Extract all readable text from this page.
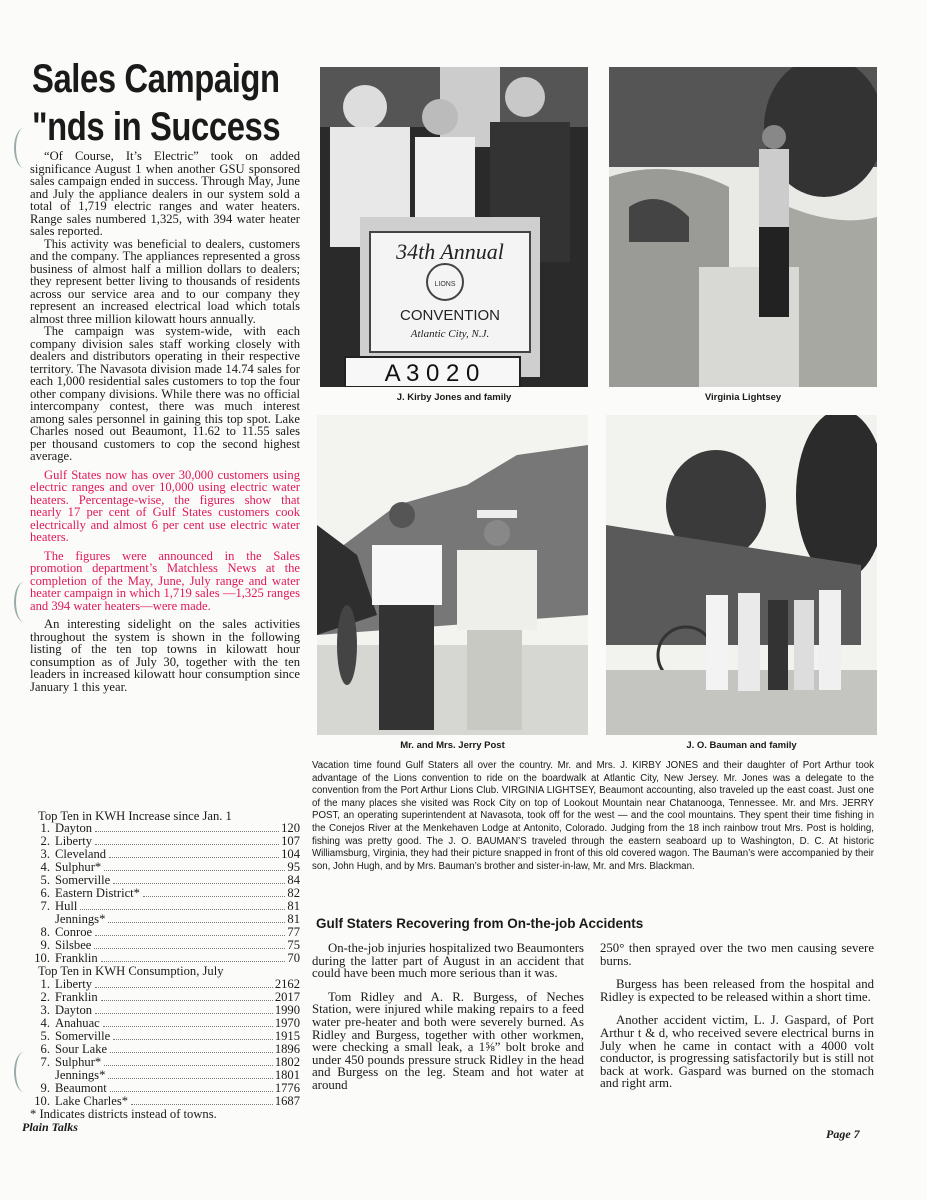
Sales Campaign
"nds in Success

“Of Course, It’s Electric” took on added significance August 1 when another GSU sponsored sales campaign ended in success. Through May, June and July the appliance dealers in our system sold a total of 1,719 electric ranges and water heaters. Range sales numbered 1,325, with 394 water heater sales reported.

This activity was beneficial to dealers, customers and the company. The appliances represented a gross business of almost half a million dollars to dealers; they represent better living to thousands of residents across our service area and to our company they represent an increased electrical load which totals almost three million kilowatt hours annually.

The campaign was system-wide, with each company division sales staff working closely with dealers and distributors operating in their respective territory. The Navasota division made 14.74 sales for each 1,000 residential sales customers to top the four other company divisions. While there was no official intercompany contest, there was much interest among sales personnel in gaining this top spot. Lake Charles nosed out Beaumont, 11.62 to 11.55 sales per thousand customers to cop the second highest average.

Gulf States now has over 30,000 customers using electric ranges and over 10,000 using electric water heaters. Percentage-wise, the figures show that nearly 17 per cent of Gulf States customers cook electrically and almost 6 per cent use electric water heaters.

The figures were announced in the Sales promotion department’s Matchless News at the completion of the May, June, July range and water heater campaign in which 1,719 sales —1,325 ranges and 394 water heaters—were made.

An interesting sidelight on the sales activities throughout the system is shown in the following listing of the ten top towns in kilowatt hour consumption as of July 30, together with the ten leaders in increased kilowatt hour consumption since January 1 this year.

Top Ten in KWH Increase since Jan. 1
1. Dayton	120
2. Liberty	107
3. Cleveland	104
4. Sulphur*	95
5. Somerville	84
6. Eastern District*	82
7. Hull	81
Jennings*	81
8. Conroe	77
9. Silsbee	75
10. Franklin	70
Top Ten in KWH Consumption, July
1. Liberty	2162
2. Franklin	2017
3. Dayton	1990
4. Anahuac	1970
5. Somerville	1915
6. Sour Lake	1896
7. Sulphur*	1802
Jennings*	1801
9. Beaumont	1776
10. Lake Charles*	1687
* Indicates districts instead of towns.
LIONS
34th Annual
CONVENTION
Atlantic City, N.J.
A 3 0 2 0
J. Kirby Jones and family	Virginia Lightsey
Mr. and Mrs. Jerry Post	J. O. Bauman and family
Vacation time found Gulf Staters all over the country. Mr. and Mrs. J. KIRBY JONES and their daughter of Port Arthur took advantage of the Lions convention to ride on the boardwalk at Atlantic City, New Jersey. Mr. Jones was a delegate to the convention from the Port Arthur Lions Club. VIRGINIA LIGHTSEY, Beaumont accounting, also traveled up the east coast. Just one of the many places she visited was Rock City on top of Lookout Mountain near Chatanooga, Tennessee. Mr. and Mrs. JERRY POST, an operating superintendent at Navasota, took off for the west — and the cool mountains. They spent their time fishing in the Conejos River at the Menkehaven Lodge at Antonito, Colorado. Judging from the 18 inch rainbow trout Mrs. Post is holding, fishing was pretty good. The J. O. BAUMAN’S traveled through the eastern seaboard up to Washington, D. C. At historic Williamsburg, Virginia, they had their picture snapped in front of this old covered wagon. The Bauman’s were accompanied by their son, John Hugh, and by Mrs. Bauman’s brother and sister-in-law, Mr. and Mrs. Blackman.
Gulf Staters Recovering from On-the-job Accidents

On-the-job injuries hospitalized two Beaumonters during the latter part of August in an accident that could have been much more serious than it was.

Tom Ridley and A. R. Burgess, of Neches Station, were injured while making repairs to a feed water pre-heater and both were severely burned. As Ridley and Burgess, together with other workmen, were checking a small leak, a 1⅝” bolt broke and under 450 pounds pressure struck Ridley in the head and Burgess on the leg. Steam and hot water at around

250° then sprayed over the two men causing severe burns.

Burgess has been released from the hospital and Ridley is expected to be released within a short time.

Another accident victim, L. J. Gaspard, of Port Arthur t & d, who received severe electrical burns in July when he came in contact with a 4000 volt conductor, is progressing satisfactorily but is still not back at work. Gaspard was burned on the stomach and right arm.

Plain Talks	Page 7
